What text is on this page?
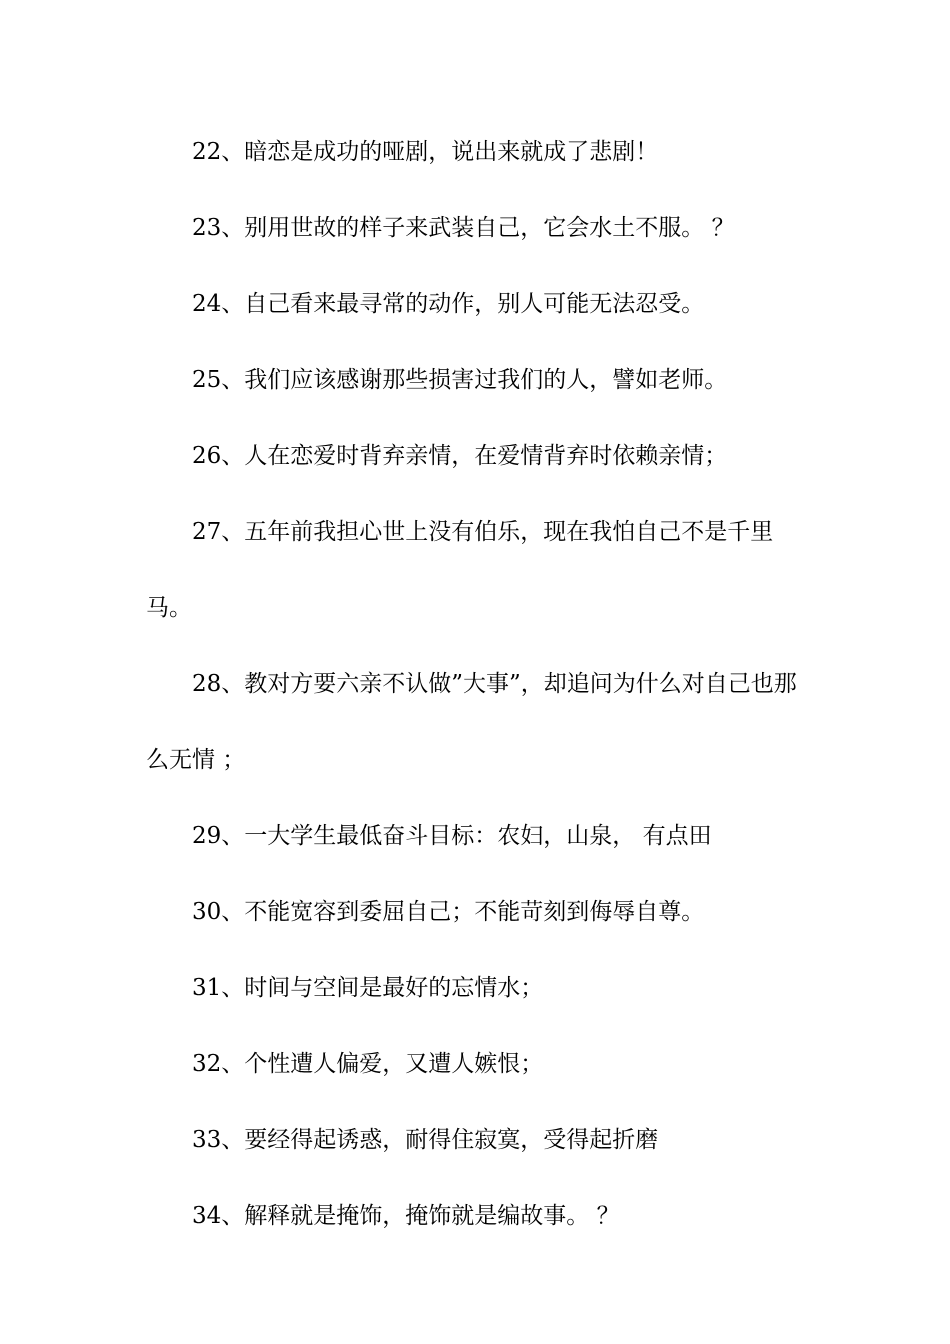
22、暗恋是成功的哑剧，说出来就成了悲剧！

23、别用世故的样子来武装自己，它会水土不服。 ？

24、自己看来最寻常的动作，别人可能无法忍受。

25、我们应该感谢那些损害过我们的人，譬如老师。

26、人在恋爱时背弃亲情，在爱情背弃时依赖亲情；

27、五年前我担心世上没有伯乐，现在我怕自己不是千里马。

28、教对方要六亲不认做”大事”，却追问为什么对自己也那么无情 ；

29、一大学生最低奋斗目标：农妇，山泉， 有点田

30、不能宽容到委屈自己；不能苛刻到侮辱自尊。

31、时间与空间是最好的忘情水；

32、个性遭人偏爱，又遭人嫉恨；

33、要经得起诱惑，耐得住寂寞，受得起折磨

34、解释就是掩饰，掩饰就是编故事。 ？
